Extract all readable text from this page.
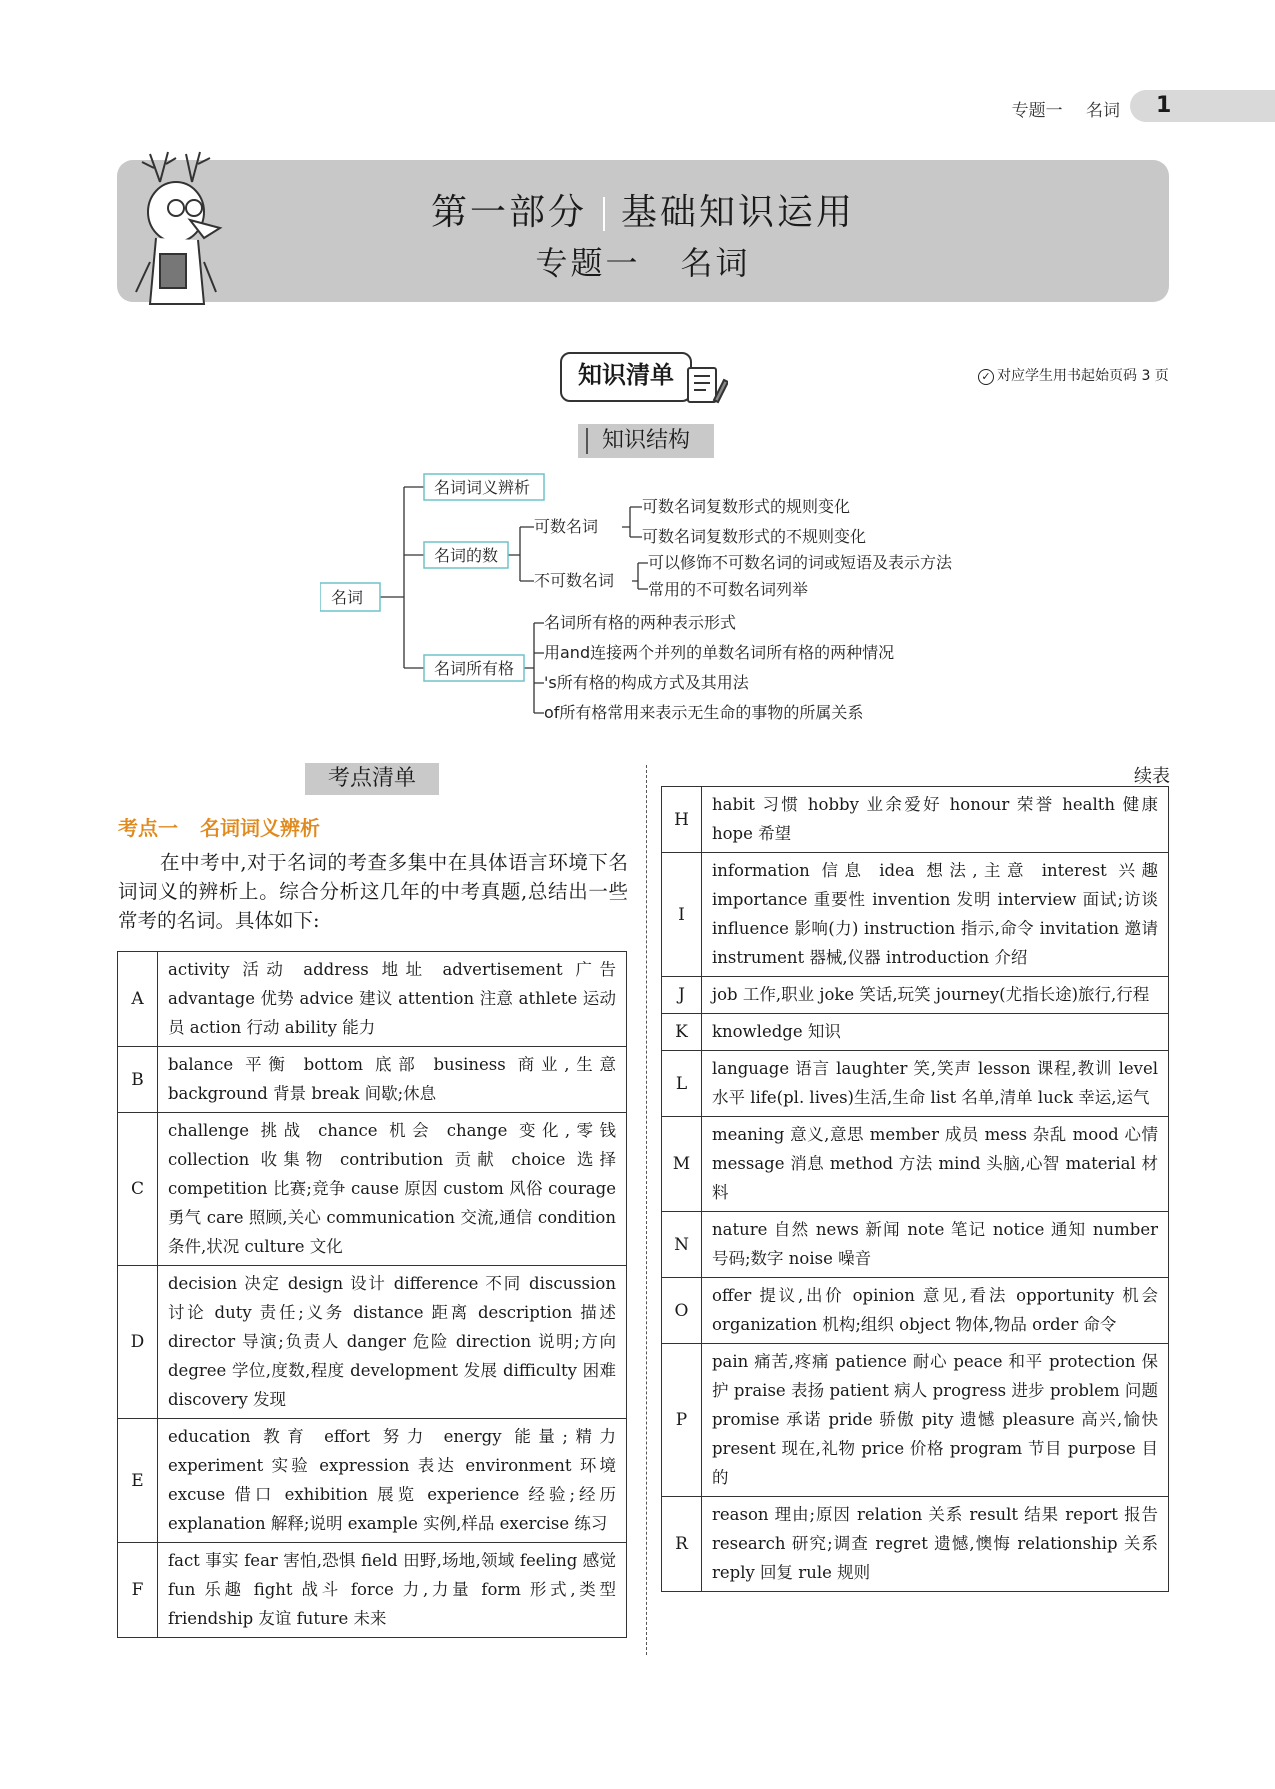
专题一 名词	1
第一部分 基础知识运用
专题一 名词
知识清单	✓ 对应学生用书起始页码 3 页
知识结构
名词
名词词义辨析
名词的数
可数名词
可数名词复数形式的规则变化
可数名词复数形式的不规则变化
不可数名词
可以修饰不可数名词的词或短语及表示方法
常用的不可数名词列举
名词所有格
名词所有格的两种表示形式
用and连接两个并列的单数名词所有格的两种情况
's所有格的构成方式及其用法
of所有格常用来表示无生命的事物的所属关系
考点清单	续表
考点一 名词词义辨析
在中考中,对于名词的考查多集中在具体语言环境下名词词义的辨析上。综合分析这几年的中考真题,总结出一些常考的名词。具体如下:
A	activity 活动 address 地址 advertisement 广告 advantage 优势 advice 建议 attention 注意 athlete 运动员 action 行动 ability 能力
B	balance 平衡 bottom 底部 business 商业,生意 background 背景 break 间歇;休息
C	challenge 挑战 chance 机会 change 变化,零钱 collection 收集物 contribution 贡献 choice 选择 competition 比赛;竞争 cause 原因 custom 风俗 courage 勇气 care 照顾,关心 communication 交流,通信 condition 条件,状况 culture 文化
D	decision 决定 design 设计 difference 不同 discussion 讨论 duty 责任;义务 distance 距离 description 描述 director 导演;负责人 danger 危险 direction 说明;方向 degree 学位,度数,程度 development 发展 difficulty 困难 discovery 发现
E	education 教育 effort 努力 energy 能量;精力 experiment 实验 expression 表达 environment 环境 excuse 借口 exhibition 展览 experience 经验;经历 explanation 解释;说明 example 实例,样品 exercise 练习
F	fact 事实 fear 害怕,恐惧 field 田野,场地,领域 feeling 感觉 fun 乐趣 fight 战斗 force 力,力量 form 形式,类型 friendship 友谊 future 未来
H	habit 习惯 hobby 业余爱好 honour 荣誉 health 健康 hope 希望
I	information 信息 idea 想法,主意 interest 兴趣 importance 重要性 invention 发明 interview 面试;访谈 influence 影响(力) instruction 指示,命令 invitation 邀请 instrument 器械,仪器 introduction 介绍
J	job 工作,职业 joke 笑话,玩笑 journey(尤指长途)旅行,行程
K	knowledge 知识
L	language 语言 laughter 笑,笑声 lesson 课程,教训 level 水平 life(pl. lives)生活,生命 list 名单,清单 luck 幸运,运气
M	meaning 意义,意思 member 成员 mess 杂乱 mood 心情 message 消息 method 方法 mind 头脑,心智 material 材料
N	nature 自然 news 新闻 note 笔记 notice 通知 number 号码;数字 noise 噪音
O	offer 提议,出价 opinion 意见,看法 opportunity 机会 organization 机构;组织 object 物体,物品 order 命令
P	pain 痛苦,疼痛 patience 耐心 peace 和平 protection 保护 praise 表扬 patient 病人 progress 进步 problem 问题 promise 承诺 pride 骄傲 pity 遗憾 pleasure 高兴,愉快 present 现在,礼物 price 价格 program 节目 purpose 目的
R	reason 理由;原因 relation 关系 result 结果 report 报告 research 研究;调查 regret 遗憾,懊悔 relationship 关系 reply 回复 rule 规则
